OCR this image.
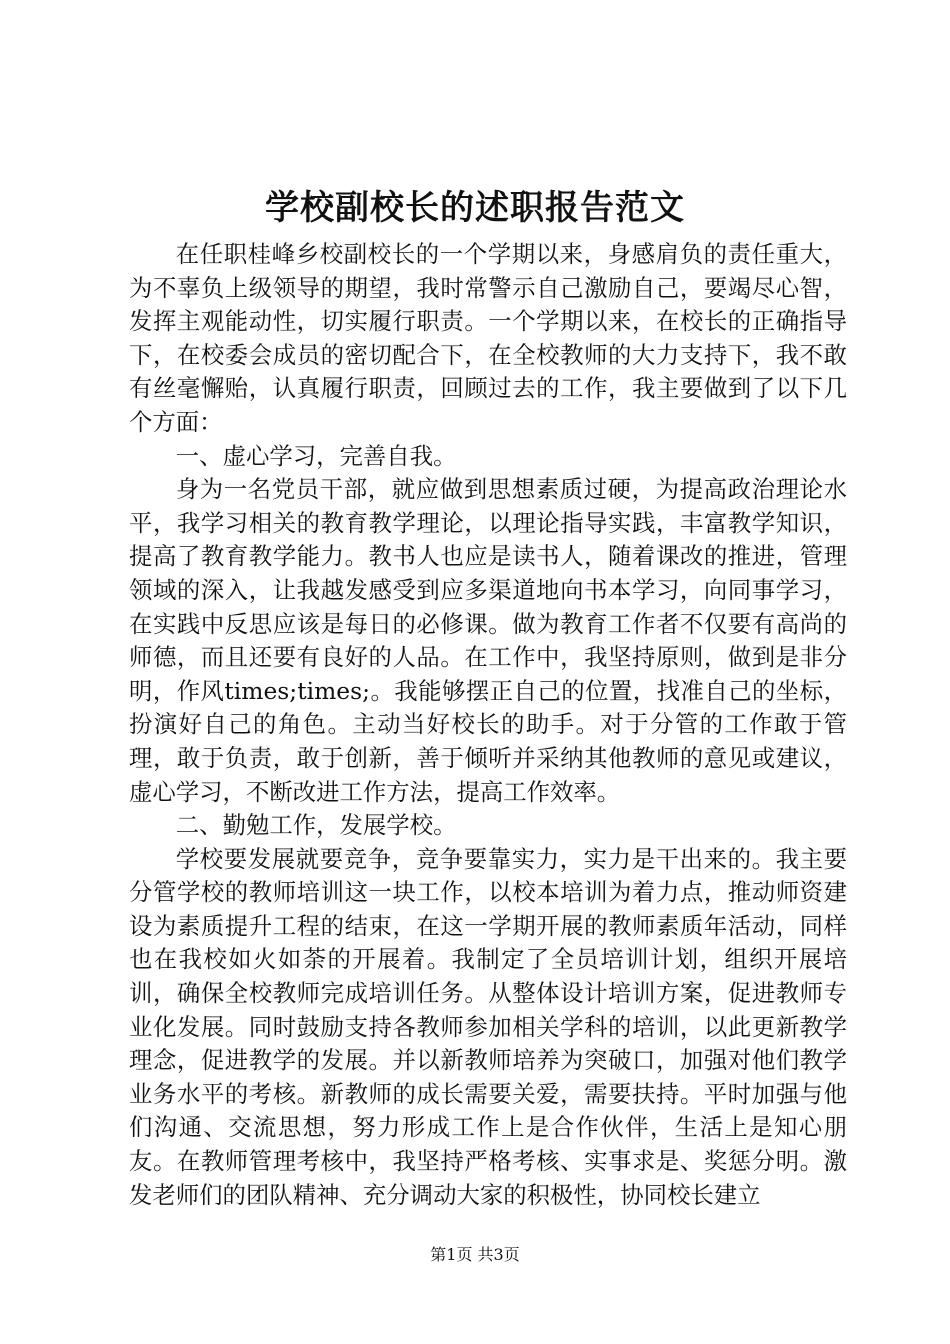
学校副校长的述职报告范文

在任职桂峰乡校副校长的一个学期以来，身感肩负的责任重大，为不辜负上级领导的期望，我时常警示自己激励自己，要竭尽心智，发挥主观能动性，切实履行职责。一个学期以来，在校长的正确指导下，在校委会成员的密切配合下，在全校教师的大力支持下，我不敢有丝毫懈贻，认真履行职责，回顾过去的工作，我主要做到了以下几个方面：

一、虚心学习，完善自我。

身为一名党员干部，就应做到思想素质过硬，为提高政治理论水平，我学习相关的教育教学理论，以理论指导实践，丰富教学知识，提高了教育教学能力。教书人也应是读书人，随着课改的推进，管理领域的深入，让我越发感受到应多渠道地向书本学习，向同事学习，在实践中反思应该是每日的必修课。做为教育工作者不仅要有高尚的师德，而且还要有良好的人品。在工作中，我坚持原则，做到是非分明，作风times;times;。我能够摆正自己的位置，找准自己的坐标，扮演好自己的角色。主动当好校长的助手。对于分管的工作敢于管理，敢于负责，敢于创新，善于倾听并采纳其他教师的意见或建议，虚心学习，不断改进工作方法，提高工作效率。

二、勤勉工作，发展学校。

学校要发展就要竞争，竞争要靠实力，实力是干出来的。我主要分管学校的教师培训这一块工作，以校本培训为着力点，推动师资建设为素质提升工程的结束，在这一学期开展的教师素质年活动，同样也在我校如火如荼的开展着。我制定了全员培训计划，组织开展培训，确保全校教师完成培训任务。从整体设计培训方案，促进教师专业化发展。同时鼓励支持各教师参加相关学科的培训，以此更新教学理念，促进教学的发展。并以新教师培养为突破口，加强对他们教学业务水平的考核。新教师的成长需要关爱，需要扶持。平时加强与他们沟通、交流思想，努力形成工作上是合作伙伴，生活上是知心朋友。在教师管理考核中，我坚持严格考核、实事求是、奖惩分明。激发老师们的团队精神、充分调动大家的积极性，协同校长建立

第1页 共3页
